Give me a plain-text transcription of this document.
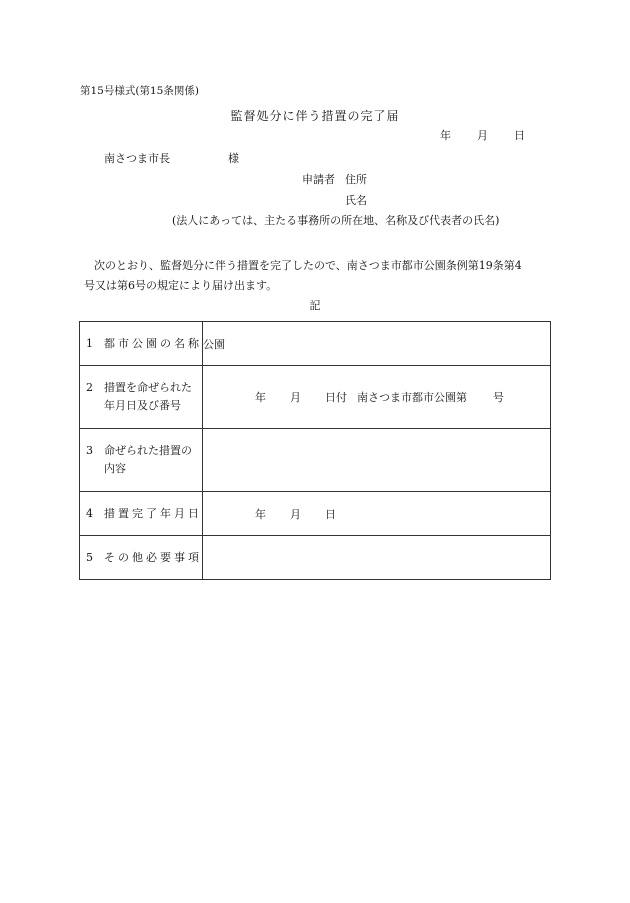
第15号様式(第15条関係)
監督処分に伴う措置の完了届
年 月 日
南さつま市長	様
申請者 住所
氏名
(法人にあっては、主たる事務所の所在地、名称及び代表者の氏名)
次のとおり、監督処分に伴う措置を完了したので、南さつま市都市公園条例第19条第4
号又は第6号の規定により届け出ます。
記
1 都市公園の名称	公園

2 措置を命ぜられた
年月日及び番号	年 月 日付 南さつま市都市公園第 号

3 命ぜられた措置の
内容	

4 措置完了年月日	年 月 日

5 その他必要事項	
